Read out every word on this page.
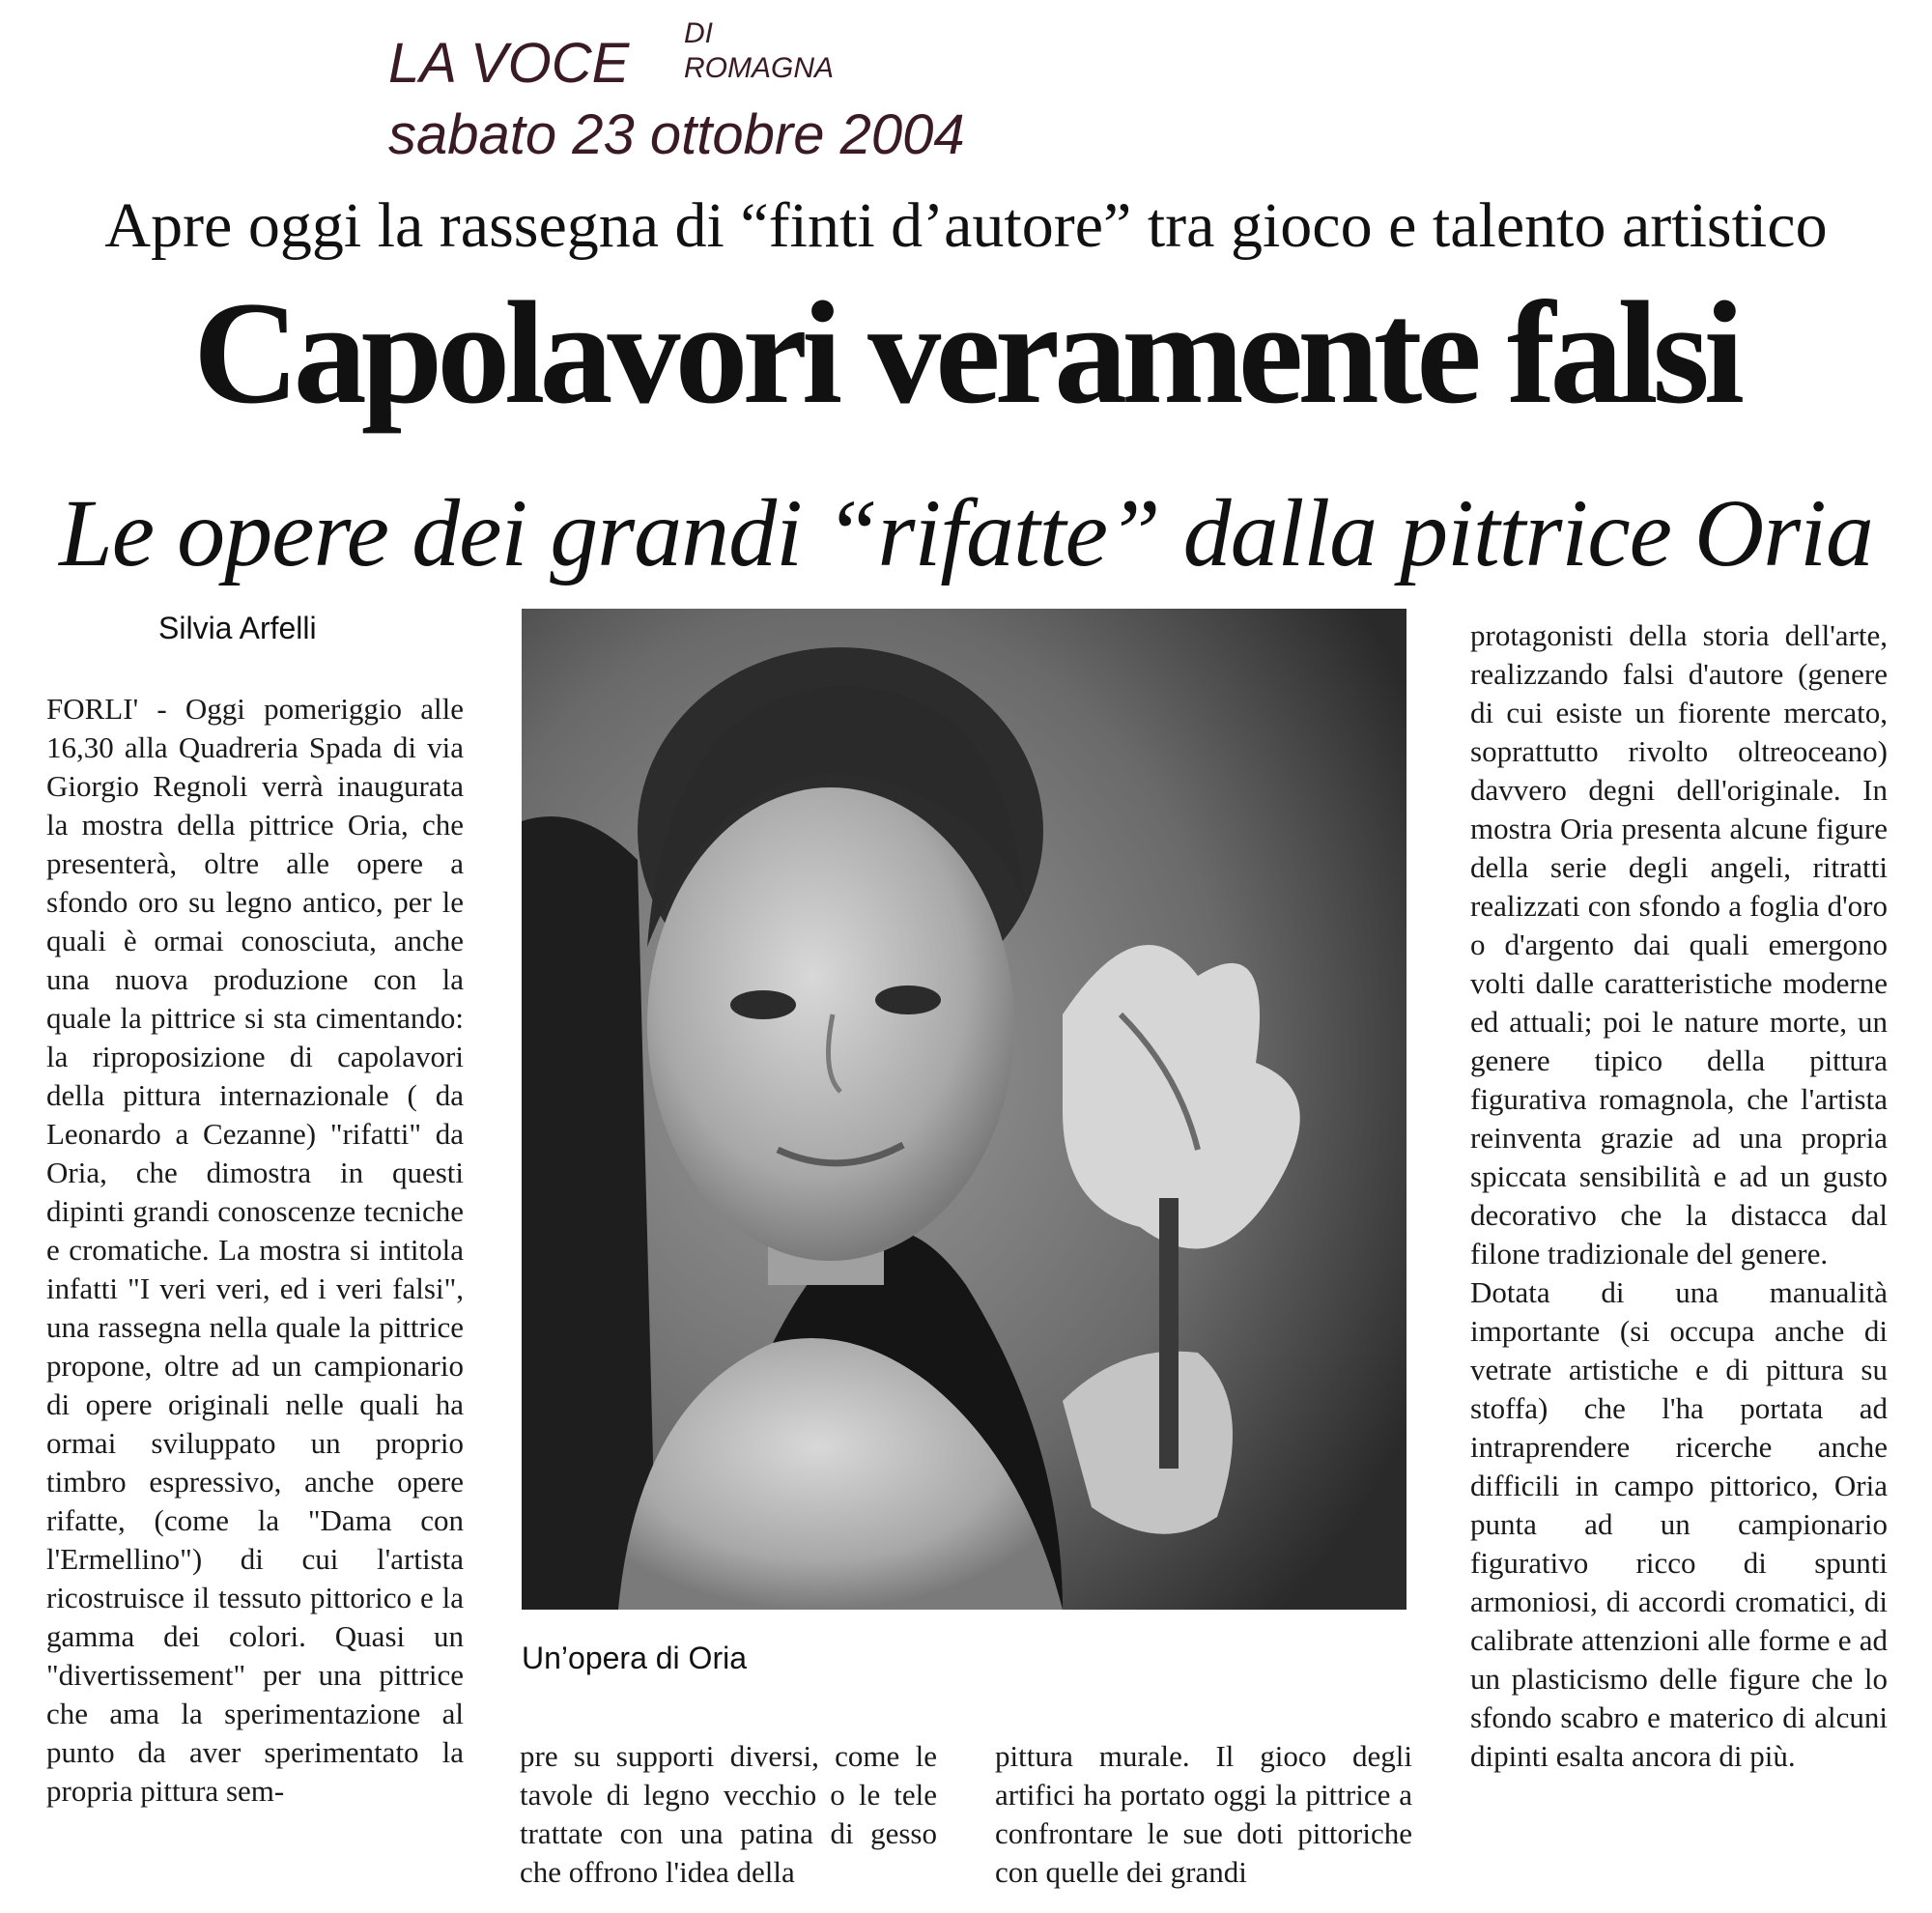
LA VOCE DI
ROMAGNA
sabato 23 ottobre 2004
Apre oggi la rassegna di “finti d’autore” tra gioco e talento artistico
Capolavori veramente falsi
Le opere dei grandi “rifatte” dalla pittrice Oria
Silvia Arfelli

FORLI' - Oggi pomeriggio alle 16,30 alla Quadreria Spada di via Giorgio Regnoli verrà inaugurata la mostra della pittrice Oria, che presenterà, oltre alle opere a sfondo oro su legno antico, per le quali è ormai conosciuta, anche una nuova produzione con la quale la pittrice si sta cimentando: la riproposizione di capolavori della pittura internazionale ( da Leonardo a Cezanne) "rifatti" da Oria, che dimostra in questi dipinti grandi conoscenze tecniche e cromatiche. La mostra si intitola infatti "I veri veri, ed i veri falsi", una rassegna nella quale la pittrice propone, oltre ad un campionario di opere originali nelle quali ha ormai sviluppato un proprio timbro espressivo, anche opere rifatte, (come la "Dama con l'Ermellino") di cui l'artista ricostruisce il tessuto pittorico e la gamma dei colori. Quasi un "divertissement" per una pittrice che ama la sperimentazione al punto da aver sperimentato la propria pittura sem-

Un’opera di Oria

pre su supporti diversi, come le tavole di legno vecchio o le tele trattate con una patina di gesso che offrono l'idea della

pittura murale. Il gioco degli artifici ha portato oggi la pittrice a confrontare le sue doti pittoriche con quelle dei grandi

protagonisti della storia dell'arte, realizzando falsi d'autore (genere di cui esiste un fiorente mercato, soprattutto rivolto oltreoceano) davvero degni dell'originale. In mostra Oria presenta alcune figure della serie degli angeli, ritratti realizzati con sfondo a foglia d'oro o d'argento dai quali emergono volti dalle caratteristiche moderne ed attuali; poi le nature morte, un genere tipico della pittura figurativa romagnola, che l'artista reinventa grazie ad una propria spiccata sensibilità e ad un gusto decorativo che la distacca dal filone tradizionale del genere.

Dotata di una manualità importante (si occupa anche di vetrate artistiche e di pittura su stoffa) che l'ha portata ad intraprendere ricerche anche difficili in campo pittorico, Oria punta ad un campionario figurativo ricco di spunti armoniosi, di accordi cromatici, di calibrate attenzioni alle forme e ad un plasticismo delle figure che lo sfondo scabro e materico di alcuni dipinti esalta ancora di più.
